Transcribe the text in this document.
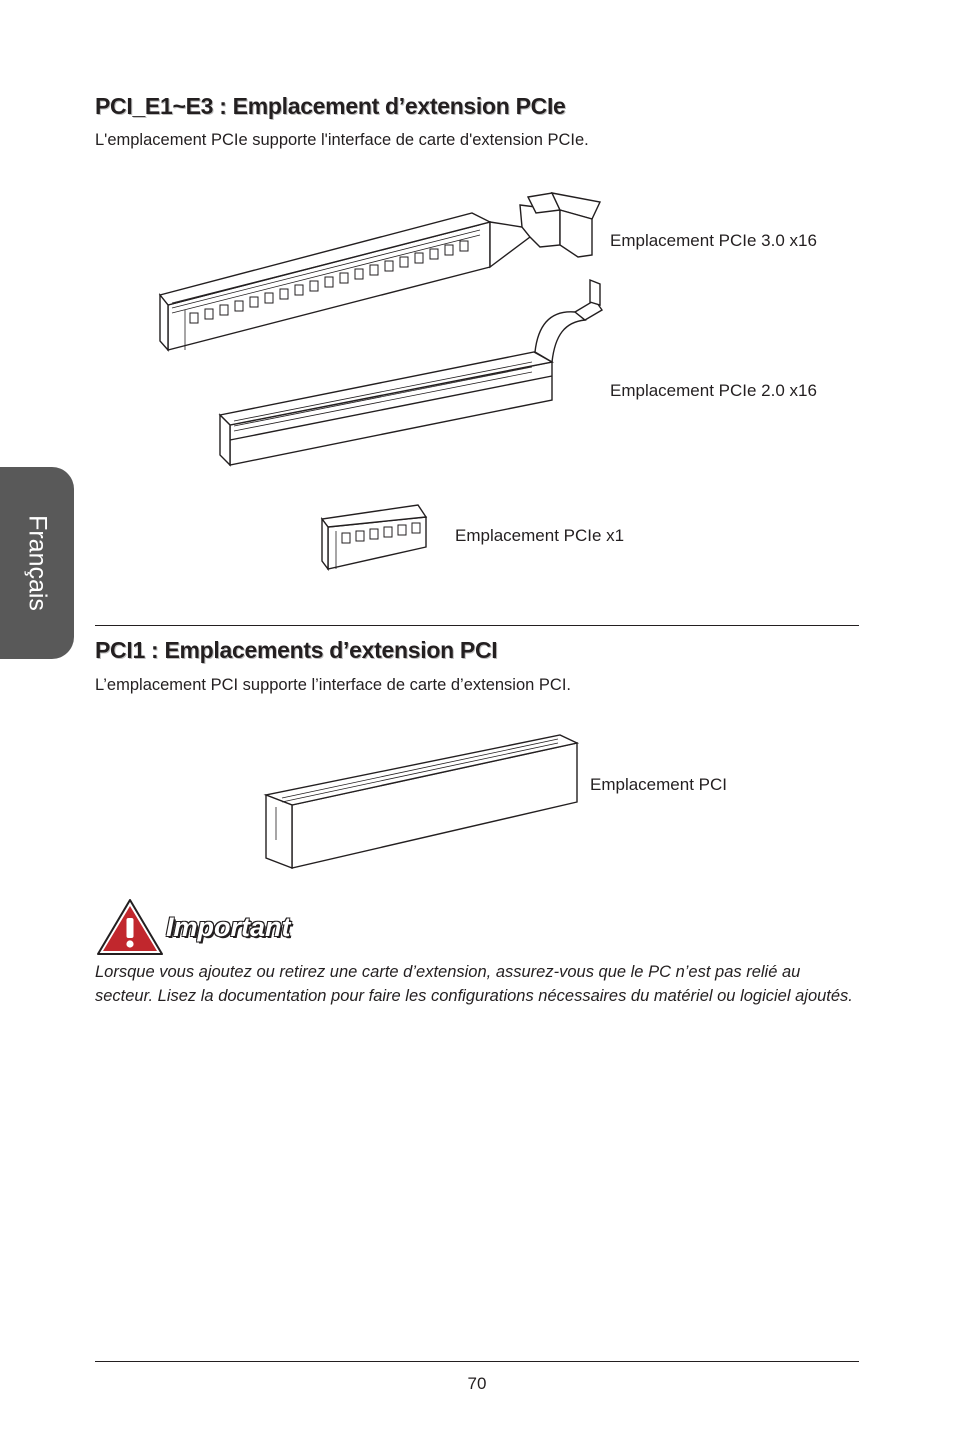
Français
PCI_E1~E3 : Emplacement d’extension PCIe
L'emplacement PCIe supporte l'interface de carte d'extension PCIe.
Emplacement PCIe 3.0 x16
Emplacement PCIe 2.0 x16
Emplacement PCIe x1
PCI1 : Emplacements d’extension PCI
L’emplacement PCI supporte l’interface de carte d’extension PCI.
Emplacement PCI
Important
Lorsque vous ajoutez ou retirez une carte d’extension, assurez-vous que le PC n’est pas relié au secteur. Lisez la documentation pour faire les configurations nécessaires du matériel ou logiciel ajoutés.
70
